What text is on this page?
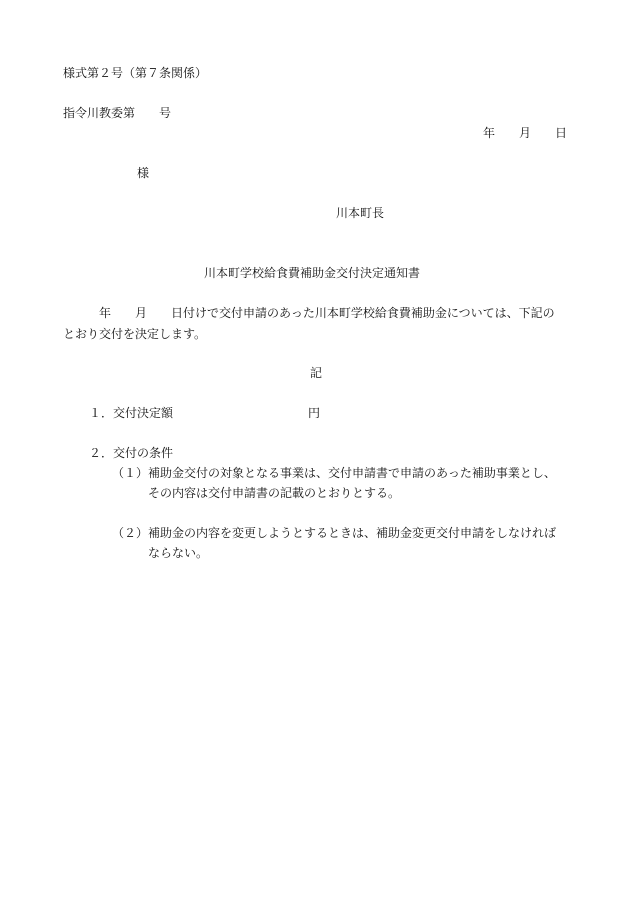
様式第２号（第７条関係）
指令川教委第　　号
年　　月　　日
様
川本町長
川本町学校給食費補助金交付決定通知書
年　　月　　日付けで交付申請のあった川本町学校給食費補助金については、下記の
とおり交付を決定します。
記
１．交付決定額	円
２．交付の条件
（１）補助金交付の対象となる事業は、交付申請書で申請のあった補助事業とし、
その内容は交付申請書の記載のとおりとする。
（２）補助金の内容を変更しようとするときは、補助金変更交付申請をしなければ
ならない。
